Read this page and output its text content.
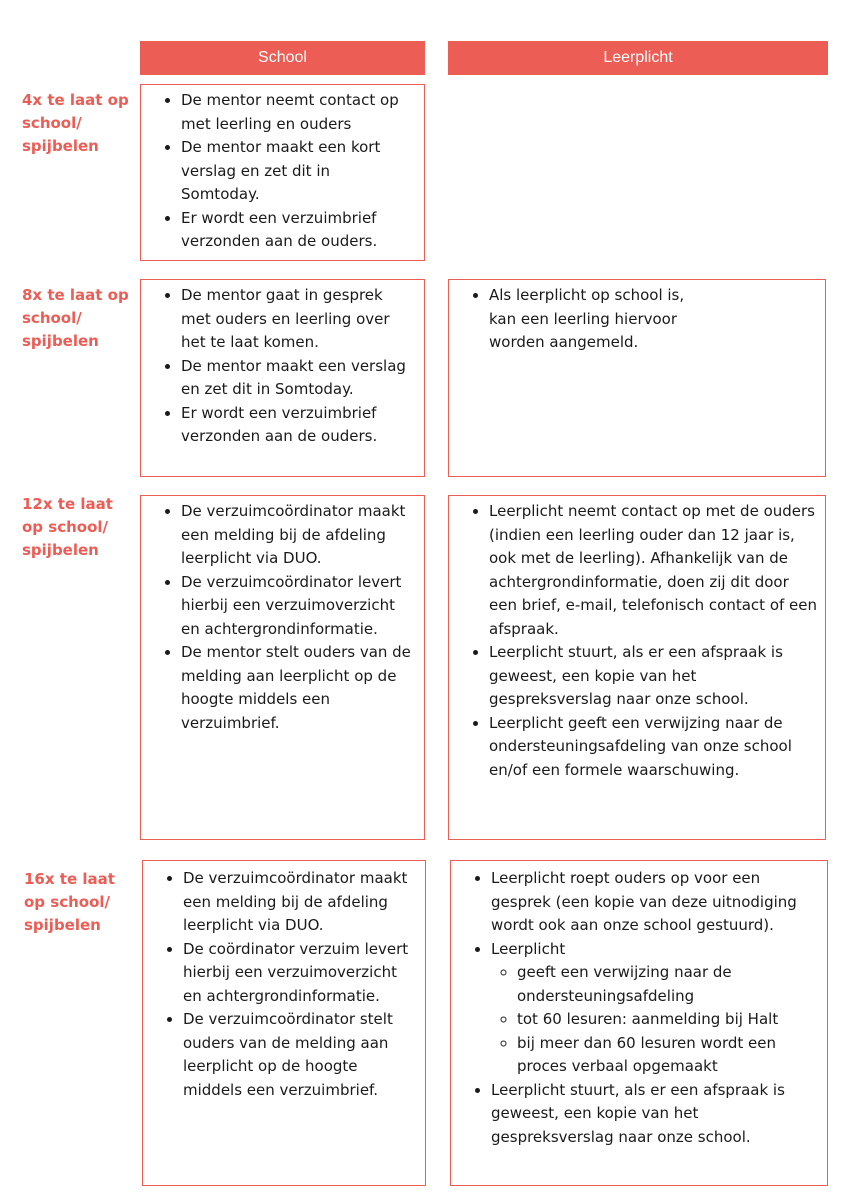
School	Leerplicht
4x te laat op
school/
spijbelen
• De mentor neemt contact op met leerling en ouders
• De mentor maakt een kort verslag en zet dit in Somtoday.
• Er wordt een verzuimbrief verzonden aan de ouders.
8x te laat op
school/
spijbelen
• De mentor gaat in gesprek met ouders en leerling over het te laat komen.
• De mentor maakt een verslag en zet dit in Somtoday.
• Er wordt een verzuimbrief verzonden aan de ouders.
• Als leerplicht op school is, kan een leerling hiervoor worden aangemeld.
12x te laat
op school/
spijbelen
• De verzuimcoördinator maakt een melding bij de afdeling leerplicht via DUO.
• De verzuimcoördinator levert hierbij een verzuimoverzicht en achtergrondinformatie.
• De mentor stelt ouders van de melding aan leerplicht op de hoogte middels een verzuimbrief.
• Leerplicht neemt contact op met de ouders (indien een leerling ouder dan 12 jaar is, ook met de leerling). Afhankelijk van de achtergrondinformatie, doen zij dit door een brief, e-mail, telefonisch contact of een afspraak.
• Leerplicht stuurt, als er een afspraak is geweest, een kopie van het gespreksverslag naar onze school.
• Leerplicht geeft een verwijzing naar de ondersteuningsafdeling van onze school en/of een formele waarschuwing.
16x te laat
op school/
spijbelen
• De verzuimcoördinator maakt een melding bij de afdeling leerplicht via DUO.
• De coördinator verzuim levert hierbij een verzuimoverzicht en achtergrondinformatie.
• De verzuimcoördinator stelt ouders van de melding aan leerplicht op de hoogte middels een verzuimbrief.
• Leerplicht roept ouders op voor een gesprek (een kopie van deze uitnodiging wordt ook aan onze school gestuurd).
• Leerplicht
◦ geeft een verwijzing naar de ondersteuningsafdeling
◦ tot 60 lesuren: aanmelding bij Halt
◦ bij meer dan 60 lesuren wordt een proces verbaal opgemaakt
• Leerplicht stuurt, als er een afspraak is geweest, een kopie van het gespreksverslag naar onze school.
